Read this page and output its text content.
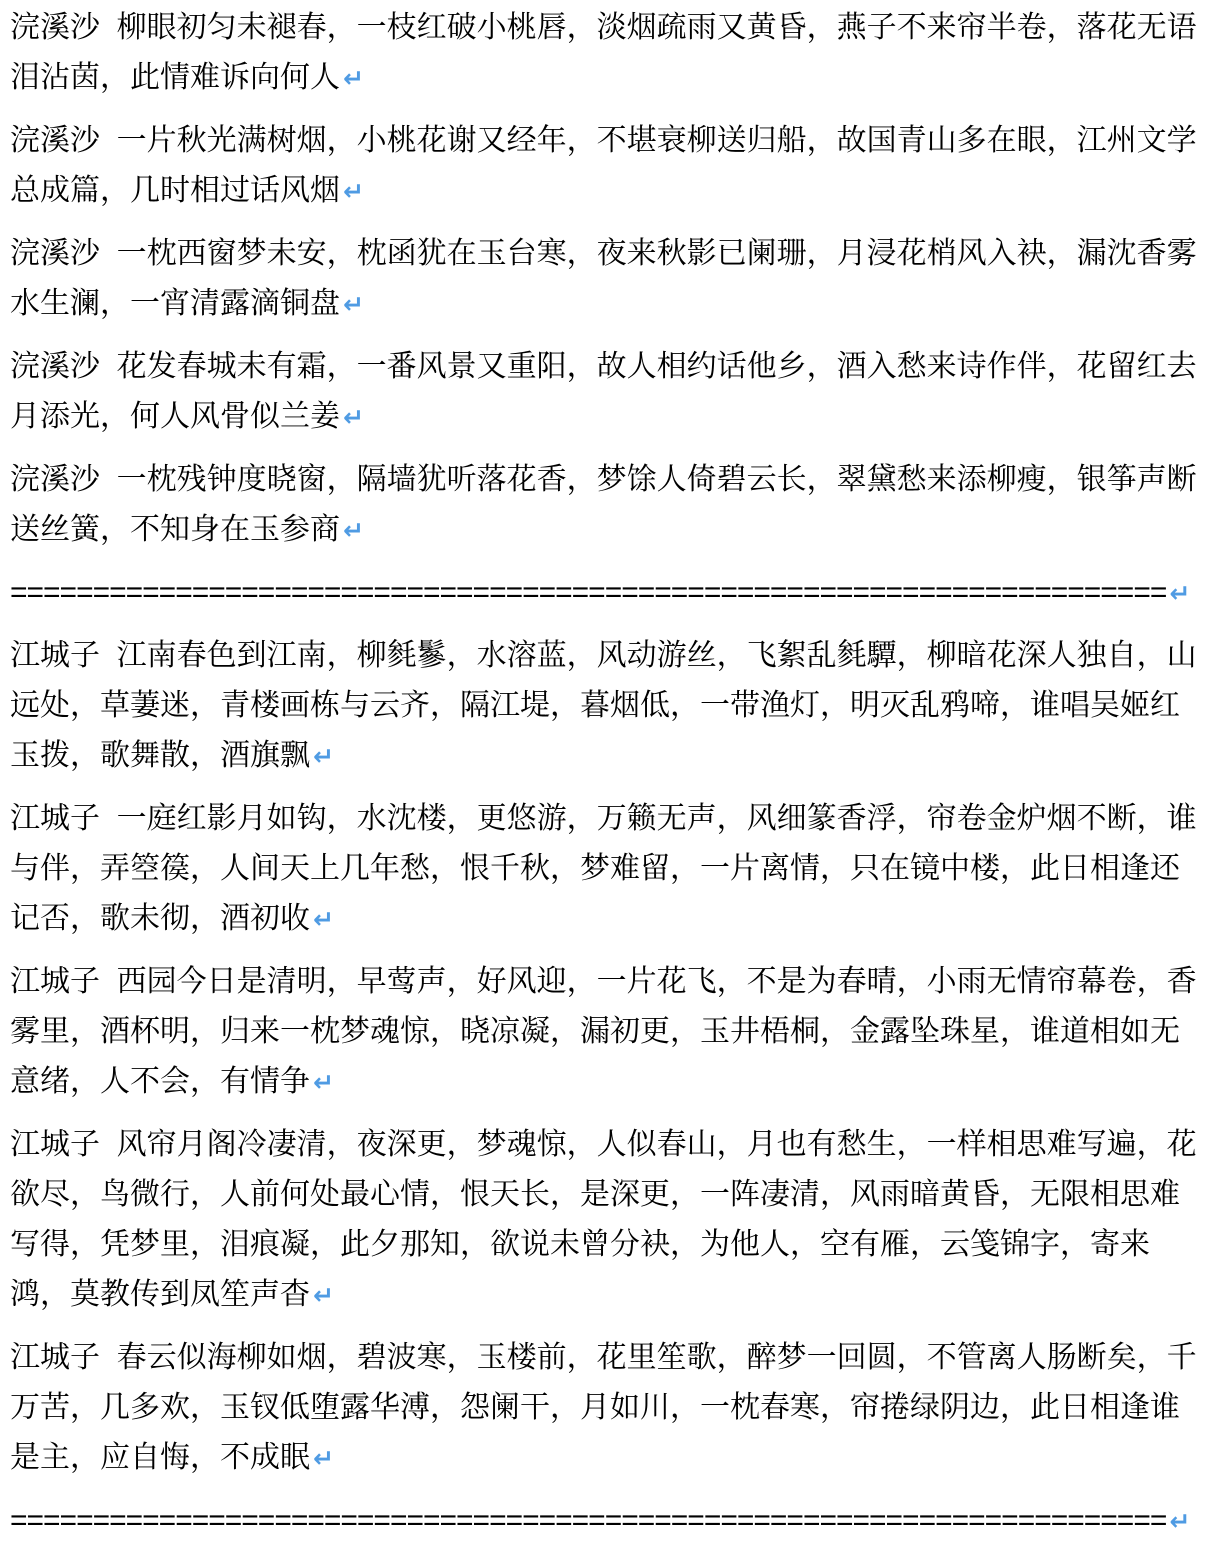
浣溪沙  柳眼初匀未褪春，一枝红破小桃唇，淡烟疏雨又黄昏，燕子不来帘半卷，落花无语泪沾茵，此情难诉向何人 ↵

浣溪沙  一片秋光满树烟，小桃花谢又经年，不堪衰柳送归船，故国青山多在眼，江州文学总成篇，几时相过话风烟 ↵

浣溪沙  一枕西窗梦未安，枕函犹在玉台寒，夜来秋影已阑珊，月浸花梢风入袂，漏沈香雾水生澜，一宵清露滴铜盘 ↵

浣溪沙  花发春城未有霜，一番风景又重阳，故人相约话他乡，酒入愁来诗作伴，花留红去月添光，何人风骨似兰姜 ↵

浣溪沙  一枕残钟度晓窗，隔墙犹听落花香，梦馀人倚碧云长，翠黛愁来添柳瘦，银筝声断送丝簧，不知身在玉参商 ↵

====================================================================== ↵

江城子  江南春色到江南，柳毵鬖，水溶蓝，风动游丝，飞絮乱毵驔，柳暗花深人独自，山远处，草萋迷，青楼画栋与云齐，隔江堤，暮烟低，一带渔灯，明灭乱鸦啼，谁唱吴姬红玉拨，歌舞散，酒旗飘 ↵

江城子  一庭红影月如钩，水沈楼，更悠游，万籁无声，风细篆香浮，帘卷金炉烟不断，谁与伴，弄箜篌，人间天上几年愁，恨千秋，梦难留，一片离情，只在镜中楼，此日相逢还记否，歌未彻，酒初收 ↵

江城子  西园今日是清明，早莺声，好风迎，一片花飞，不是为春晴，小雨无情帘幕卷，香雾里，酒杯明，归来一枕梦魂惊，晓凉凝，漏初更，玉井梧桐，金露坠珠星，谁道相如无意绪，人不会，有情争 ↵

江城子  风帘月阁冷凄清，夜深更，梦魂惊，人似春山，月也有愁生，一样相思难写遍，花欲尽，鸟微行，人前何处最心情，恨天长，是深更，一阵凄清，风雨暗黄昏，无限相思难写得，凭梦里，泪痕凝，此夕那知，欲说未曾分袂，为他人，空有雁，云笺锦字，寄来鸿，莫教传到凤笙声杳 ↵

江城子  春云似海柳如烟，碧波寒，玉楼前，花里笙歌，醉梦一回圆，不管离人肠断矣，千万苦，几多欢，玉钗低堕露华溥，怨阑干，月如川，一枕春寒，帘捲绿阴边，此日相逢谁是主，应自悔，不成眠 ↵

====================================================================== ↵
